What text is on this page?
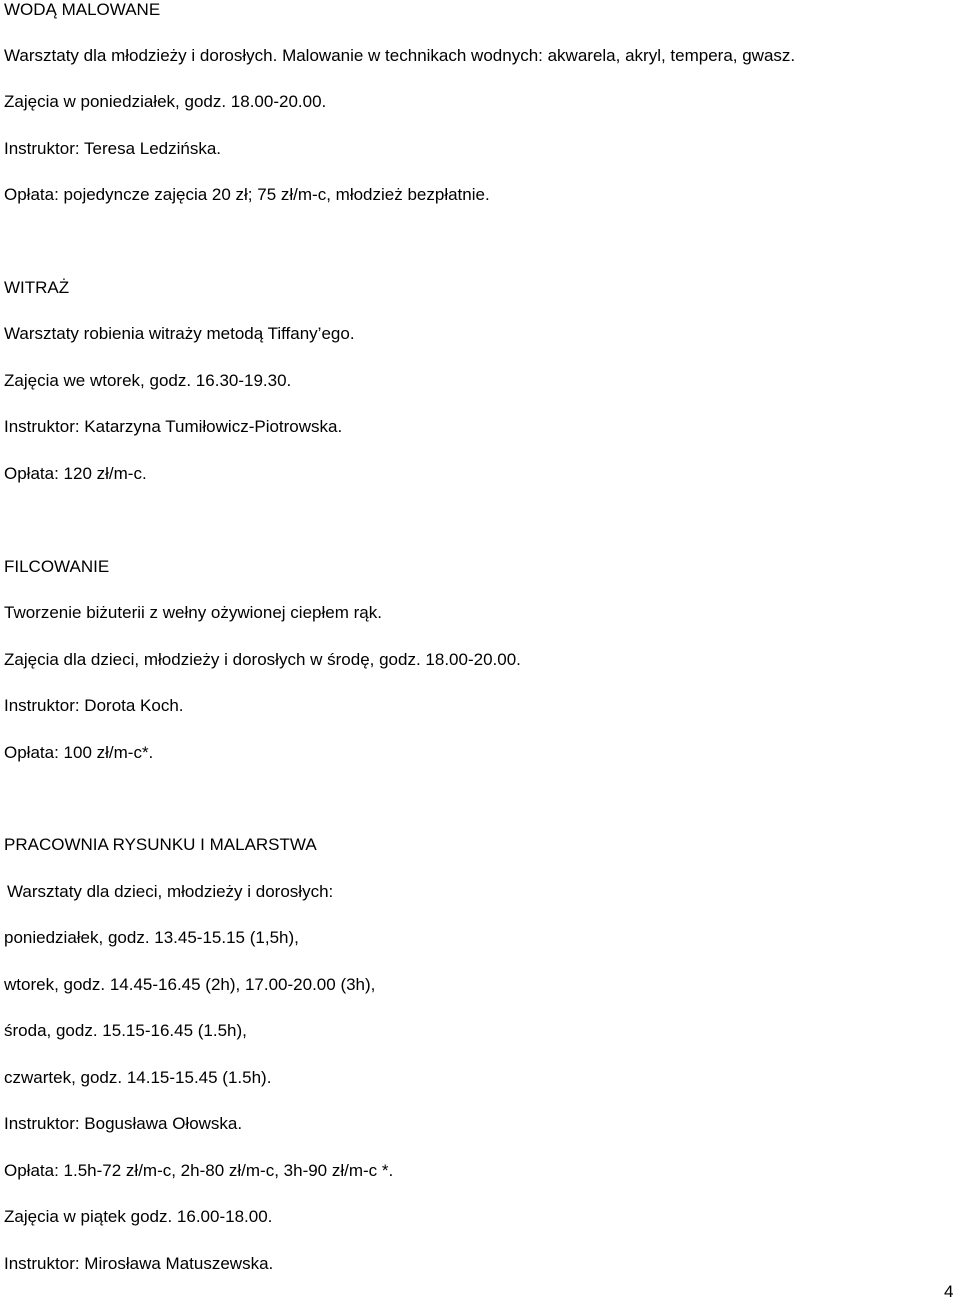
WODĄ MALOWANE
Warsztaty dla młodzieży i dorosłych. Malowanie w technikach wodnych: akwarela, akryl, tempera, gwasz.
Zajęcia w poniedziałek, godz. 18.00-20.00.
Instruktor: Teresa Ledzińska.
Opłata: pojedyncze zajęcia 20 zł; 75 zł/m-c, młodzież bezpłatnie.
WITRAŻ
Warsztaty robienia witraży metodą Tiffany’ego.
Zajęcia we wtorek, godz. 16.30-19.30.
Instruktor: Katarzyna Tumiłowicz-Piotrowska.
Opłata: 120 zł/m-c.
FILCOWANIE
Tworzenie biżuterii z wełny ożywionej ciepłem rąk.
Zajęcia dla dzieci, młodzieży i dorosłych w środę, godz. 18.00-20.00.
Instruktor: Dorota Koch.
Opłata: 100 zł/m-c*.
PRACOWNIA RYSUNKU I MALARSTWA
Warsztaty dla dzieci, młodzieży i dorosłych:
poniedziałek, godz. 13.45-15.15 (1,5h),
wtorek, godz. 14.45-16.45 (2h), 17.00-20.00 (3h),
środa, godz. 15.15-16.45 (1.5h),
czwartek, godz. 14.15-15.45 (1.5h).
Instruktor: Bogusława Ołowska.
Opłata: 1.5h-72 zł/m-c, 2h-80 zł/m-c, 3h-90 zł/m-c *.
Zajęcia w piątek godz. 16.00-18.00.
Instruktor: Mirosława Matuszewska.
4
